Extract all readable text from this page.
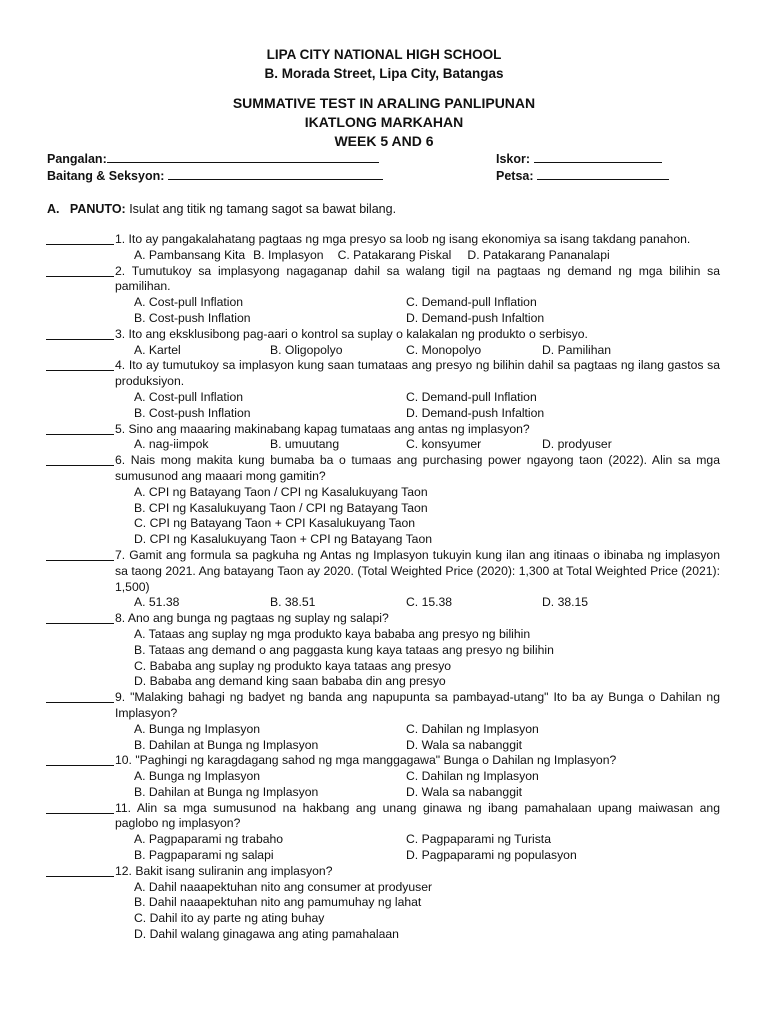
LIPA CITY NATIONAL HIGH SCHOOL
B. Morada Street, Lipa City, Batangas
SUMMATIVE TEST IN ARALING PANLIPUNAN
IKATLONG MARKAHAN
WEEK 5 AND 6
Pangalan:
Baitang & Seksyon:
Iskor:
Petsa:
A. PANUTO: Isulat ang titik ng tamang sagot sa bawat bilang.
1. Ito ay pangakalahatang pagtaas ng mga presyo sa loob ng isang ekonomiya sa isang takdang panahon.
A. Pambansang Kita B. Implasyon C. Patakarang Piskal D. Patakarang Pananalapi
2. Tumutukoy sa implasyong nagaganap dahil sa walang tigil na pagtaas ng demand ng mga bilihin sa pamilihan.
A. Cost-pull Inflation	C. Demand-pull Inflation
B. Cost-push Inflation	D. Demand-push Infaltion
3. Ito ang eksklusibong pag-aari o kontrol sa suplay o kalakalan ng produkto o serbisyo.
A. Kartel	B. Oligopolyo	C. Monopolyo	D. Pamilihan
4. Ito ay tumutukoy sa implasyon kung saan tumataas ang presyo ng bilihin dahil sa pagtaas ng ilang gastos sa produksiyon.
A. Cost-pull Inflation	C. Demand-pull Inflation
B. Cost-push Inflation	D. Demand-push Infaltion
5. Sino ang maaaring makinabang kapag tumataas ang antas ng implasyon?
A. nag-iimpok	B. umuutang	C. konsyumer	D. prodyuser
6. Nais mong makita kung bumaba ba o tumaas ang purchasing power ngayong taon (2022). Alin sa mga sumusunod ang maaari mong gamitin?
A. CPI ng Batayang Taon / CPI ng Kasalukuyang Taon
B. CPI ng Kasalukuyang Taon / CPI ng Batayang Taon
C. CPI ng Batayang Taon + CPI Kasalukuyang Taon
D. CPI ng Kasalukuyang Taon + CPI ng Batayang Taon
7. Gamit ang formula sa pagkuha ng Antas ng Implasyon tukuyin kung ilan ang itinaas o ibinaba ng implasyon sa taong 2021. Ang batayang Taon ay 2020. (Total Weighted Price (2020): 1,300 at Total Weighted Price (2021): 1,500)
A. 51.38	B. 38.51	C. 15.38	D. 38.15
8. Ano ang bunga ng pagtaas ng suplay ng salapi?
A. Tataas ang suplay ng mga produkto kaya bababa ang presyo ng bilihin
B. Tataas ang demand o ang paggasta kung kaya tataas ang presyo ng bilihin
C. Bababa ang suplay ng produkto kaya tataas ang presyo
D. Bababa ang demand king saan bababa din ang presyo
9. "Malaking bahagi ng badyet ng banda ang napupunta sa pambayad-utang" Ito ba ay Bunga o Dahilan ng Implasyon?
A. Bunga ng Implasyon	C. Dahilan ng Implasyon
B. Dahilan at Bunga ng Implasyon	D. Wala sa nabanggit
10. "Paghingi ng karagdagang sahod ng mga manggagawa" Bunga o Dahilan ng Implasyon?
A. Bunga ng Implasyon	C. Dahilan ng Implasyon
B. Dahilan at Bunga ng Implasyon	D. Wala sa nabanggit
11. Alin sa mga sumusunod na hakbang ang unang ginawa ng ibang pamahalaan upang maiwasan ang paglobo ng implasyon?
A. Pagpaparami ng trabaho	C. Pagpaparami ng Turista
B. Pagpaparami ng salapi	D. Pagpaparami ng populasyon
12. Bakit isang suliranin ang implasyon?
A. Dahil naaapektuhan nito ang consumer at prodyuser
B. Dahil naaapektuhan nito ang pamumuhay ng lahat
C. Dahil ito ay parte ng ating buhay
D. Dahil walang ginagawa ang ating pamahalaan
